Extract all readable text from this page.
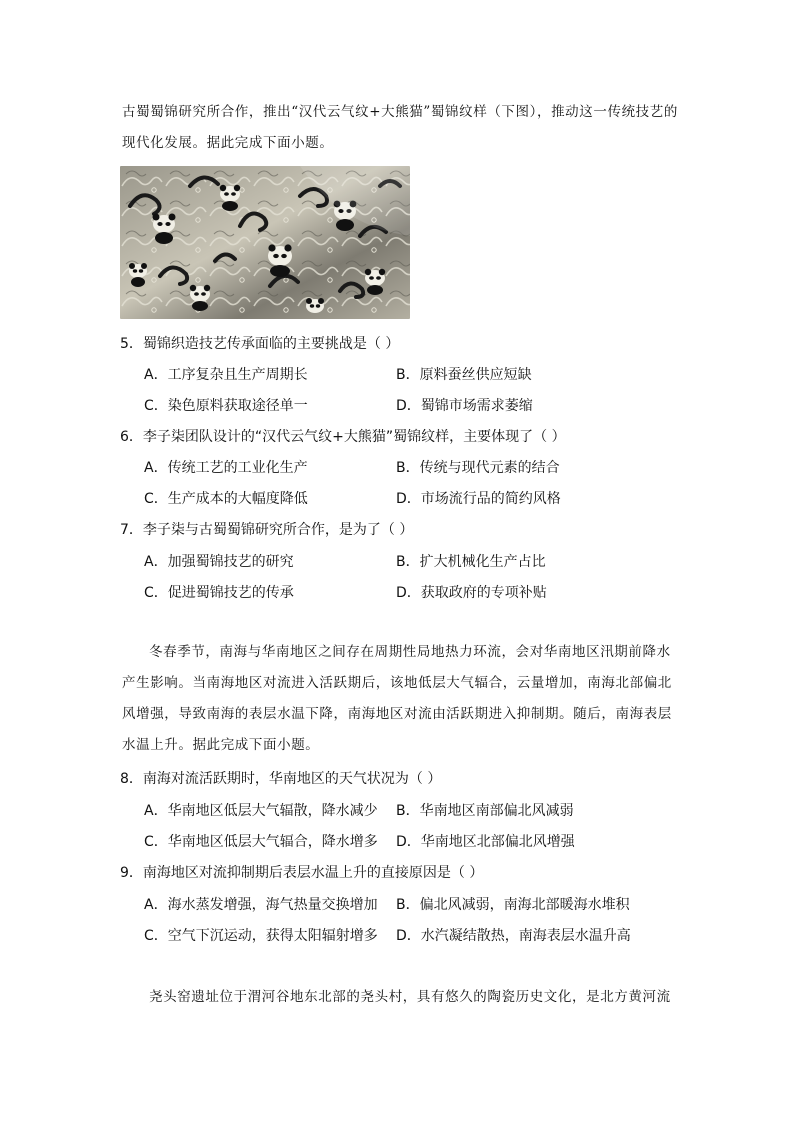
古蜀蜀锦研究所合作，推出“汉代云气纹+大熊猫”蜀锦纹样（下图），推动这一传统技艺的现代化发展。据此完成下面小题。
5．蜀锦织造技艺传承面临的主要挑战是（ ）
A．工序复杂且生产周期长	B．原料蚕丝供应短缺
C．染色原料获取途径单一	D．蜀锦市场需求萎缩
6．李子柒团队设计的“汉代云气纹+大熊猫”蜀锦纹样，主要体现了（ ）
A．传统工艺的工业化生产	B．传统与现代元素的结合
C．生产成本的大幅度降低	D．市场流行品的简约风格
7．李子柒与古蜀蜀锦研究所合作，是为了（ ）
A．加强蜀锦技艺的研究	B．扩大机械化生产占比
C．促进蜀锦技艺的传承	D．获取政府的专项补贴
冬春季节，南海与华南地区之间存在周期性局地热力环流，会对华南地区汛期前降水产生影响。当南海地区对流进入活跃期后，该地低层大气辐合，云量增加，南海北部偏北风增强，导致南海的表层水温下降，南海地区对流由活跃期进入抑制期。随后，南海表层水温上升。据此完成下面小题。
8．南海对流活跃期时，华南地区的天气状况为（ ）
A．华南地区低层大气辐散，降水减少 B．华南地区南部偏北风减弱
C．华南地区低层大气辐合，降水增多 D．华南地区北部偏北风增强
9．南海地区对流抑制期后表层水温上升的直接原因是（ ）
A．海水蒸发增强，海气热量交换增加 B．偏北风减弱，南海北部暖海水堆积
C．空气下沉运动，获得太阳辐射增多 D．水汽凝结散热，南海表层水温升高
尧头窑遗址位于渭河谷地东北部的尧头村，具有悠久的陶瓷历史文化，是北方黄河流
